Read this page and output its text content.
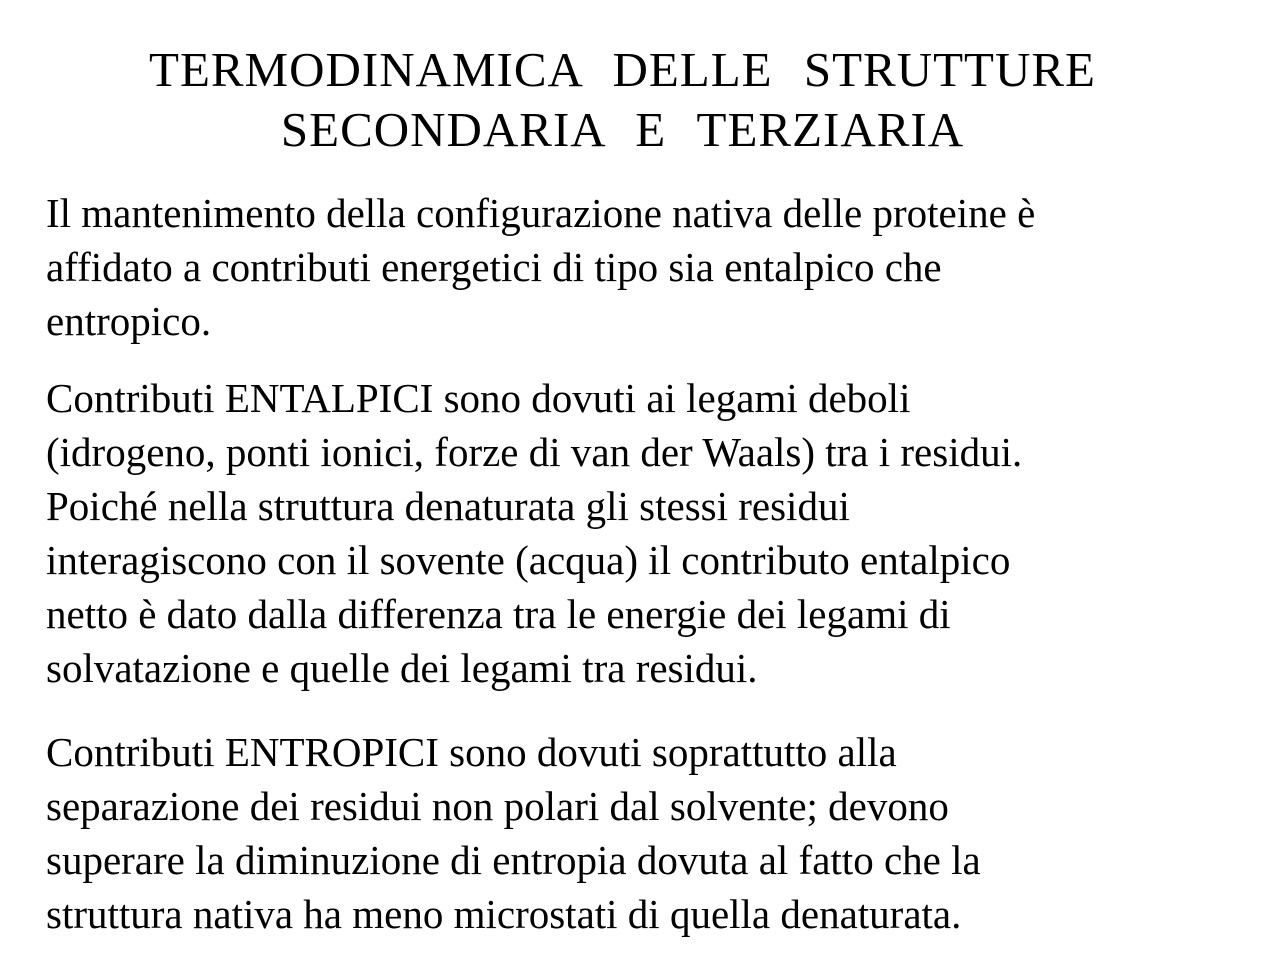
TERMODINAMICA DELLE STRUTTURE
SECONDARIA E TERZIARIA

Il mantenimento della configurazione nativa delle proteine è
affidato a contributi energetici di tipo sia entalpico che
entropico.

Contributi ENTALPICI sono dovuti ai legami deboli
(idrogeno, ponti ionici, forze di van der Waals) tra i residui.
Poiché nella struttura denaturata gli stessi residui
interagiscono con il sovente (acqua) il contributo entalpico
netto è dato dalla differenza tra le energie dei legami di
solvatazione e quelle dei legami tra residui.

Contributi ENTROPICI sono dovuti soprattutto alla
separazione dei residui non polari dal solvente; devono
superare la diminuzione di entropia dovuta al fatto che la
struttura nativa ha meno microstati di quella denaturata.
